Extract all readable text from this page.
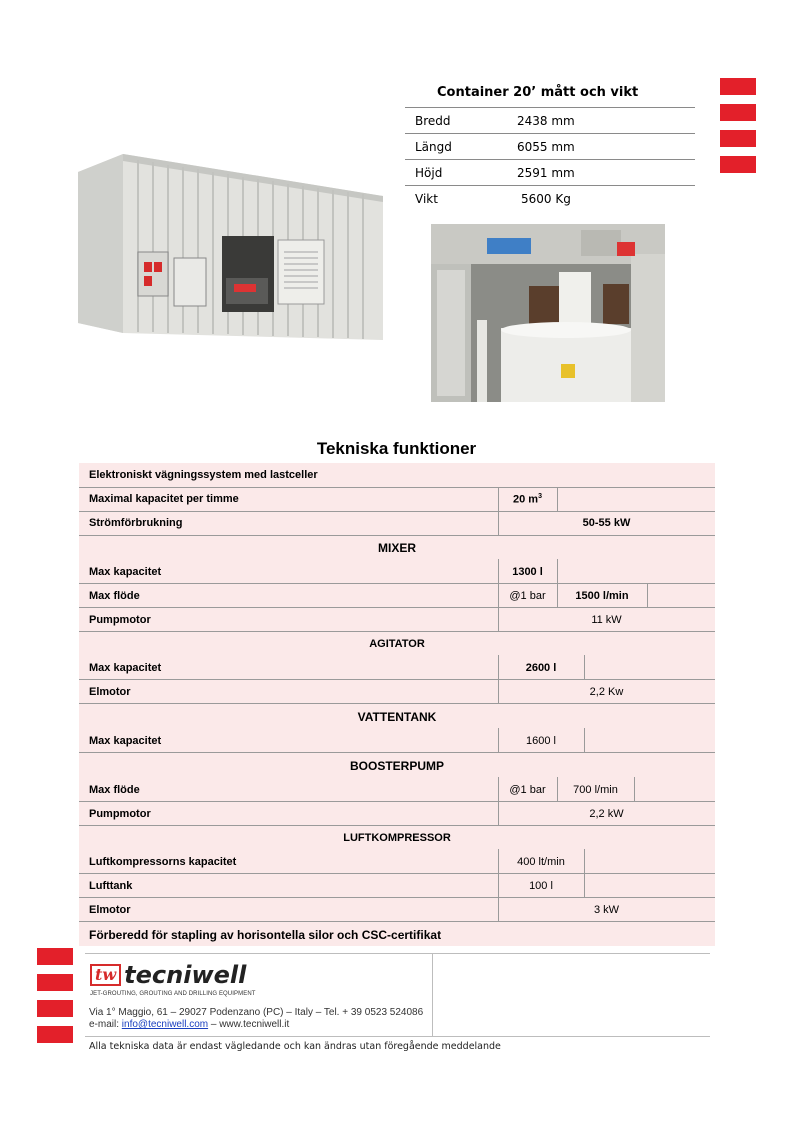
Container 20’ mått och vikt
Bredd	2438 mm
Längd	6055 mm
Höjd	2591 mm
Vikt	5600 Kg
Tekniska funktioner
Elektroniskt vägningssystem med lastceller
Maximal kapacitet per timme	20 $m^3$
Strömförbrukning	50-55 kW
MIXER
Max kapacitet	1300 l
Max flöde	@1 bar	1500 l/min
Pumpmotor	11 kW
AGITATOR
Max kapacitet	2600 l
Elmotor	2,2 Kw
VATTENTANK
Max kapacitet	1600 l
BOOSTERPUMP
Max flöde	@1 bar	700 l/min
Pumpmotor	2,2 kW
LUFTKOMPRESSOR
Luftkompressorns kapacitet	400 lt/min
Lufttank	100 l
Elmotor	3 kW
Förberedd för stapling av horisontella silor och CSC-certifikat
tw tecniwell
JET-GROUTING, GROUTING AND DRILLING EQUIPMENT
Via 1° Maggio, 61 – 29027 Podenzano (PC) – Italy – Tel. + 39 0523 524086
e-mail: info@tecniwell.com – www.tecniwell.it
Alla tekniska data är endast vägledande och kan ändras utan föregående meddelande
